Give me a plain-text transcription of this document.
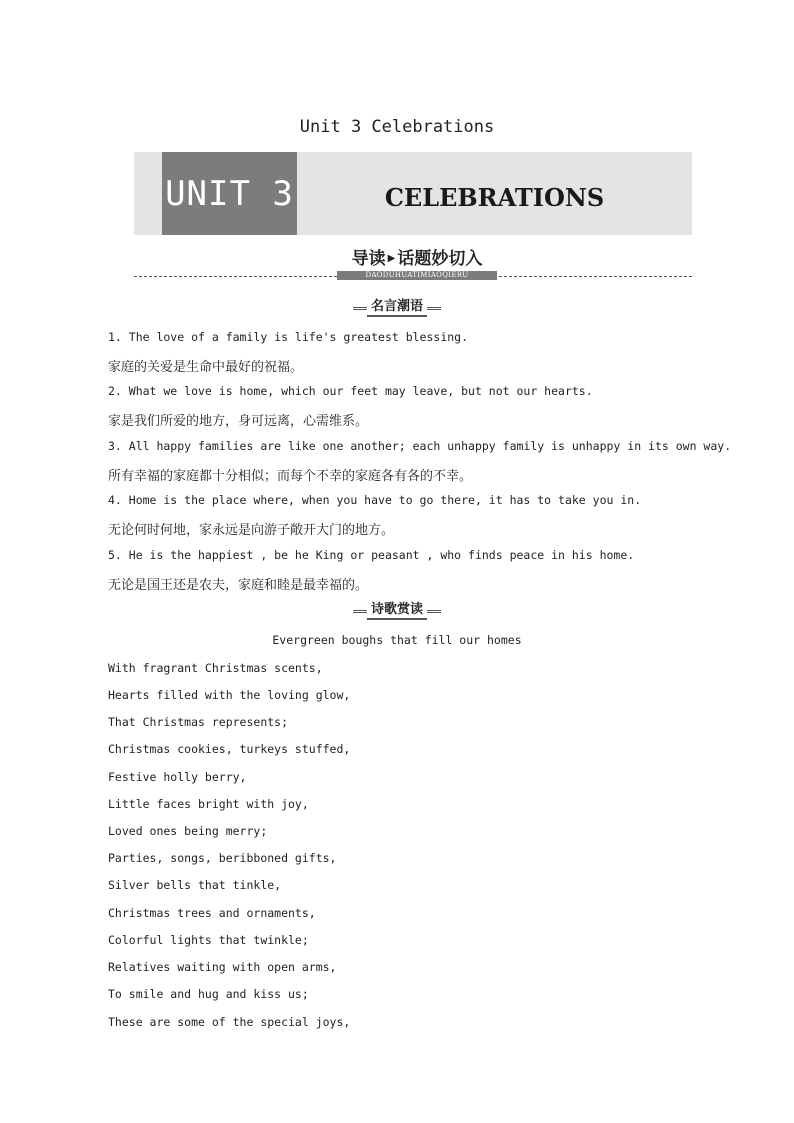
Unit 3 Celebrations
UNIT 3	CELEBRATIONS
导读 ▶ 话题妙切入
DAODUHUATIMIAOQIERU
名言潮语
1. The love of a family is life's greatest blessing.
家庭的关爱是生命中最好的祝福。
2. What we love is home, which our feet may leave, but not our hearts.
家是我们所爱的地方，身可远离，心需维系。
3. All happy families are like one another; each unhappy family is unhappy in its own way.
所有幸福的家庭都十分相似；而每个不幸的家庭各有各的不幸。
4. Home is the place where, when you have to go there, it has to take you in.
无论何时何地，家永远是向游子敞开大门的地方。
5. He is the happiest , be he King or peasant , who finds peace in his home.
无论是国王还是农夫，家庭和睦是最幸福的。
诗歌赏读
Evergreen boughs that fill our homes
With fragrant Christmas scents,
Hearts filled with the loving glow,
That Christmas represents;
Christmas cookies, turkeys stuffed,
Festive holly berry,
Little faces bright with joy,
Loved ones being merry;
Parties, songs, beribboned gifts,
Silver bells that tinkle,
Christmas trees and ornaments,
Colorful lights that twinkle;
Relatives waiting with open arms,
To smile and hug and kiss us;
These are some of the special joys,
